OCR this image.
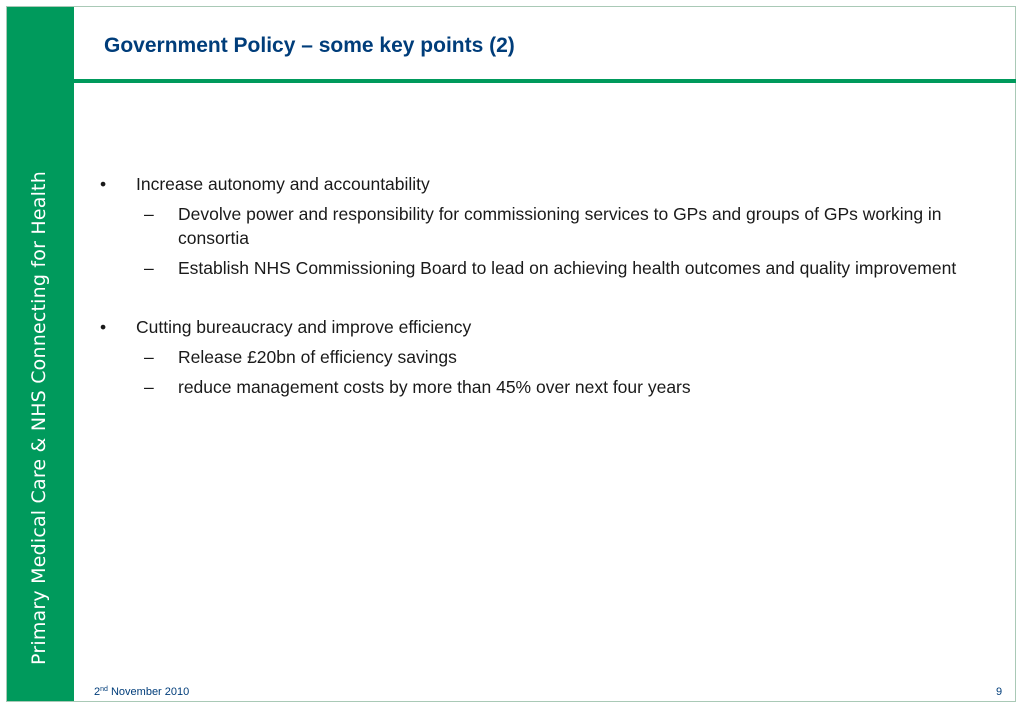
Primary Medical Care & NHS Connecting for Health
Government Policy – some key points (2)

• Increase autonomy and accountability

– Devolve power and responsibility for commissioning services to GPs and groups of GPs working in consortia
– Establish NHS Commissioning Board to lead on achieving health outcomes and quality improvement

• Cutting bureaucracy and improve efficiency

– Release £20bn of efficiency savings
– reduce management costs by more than 45% over next four years
2nd November 2010	9
